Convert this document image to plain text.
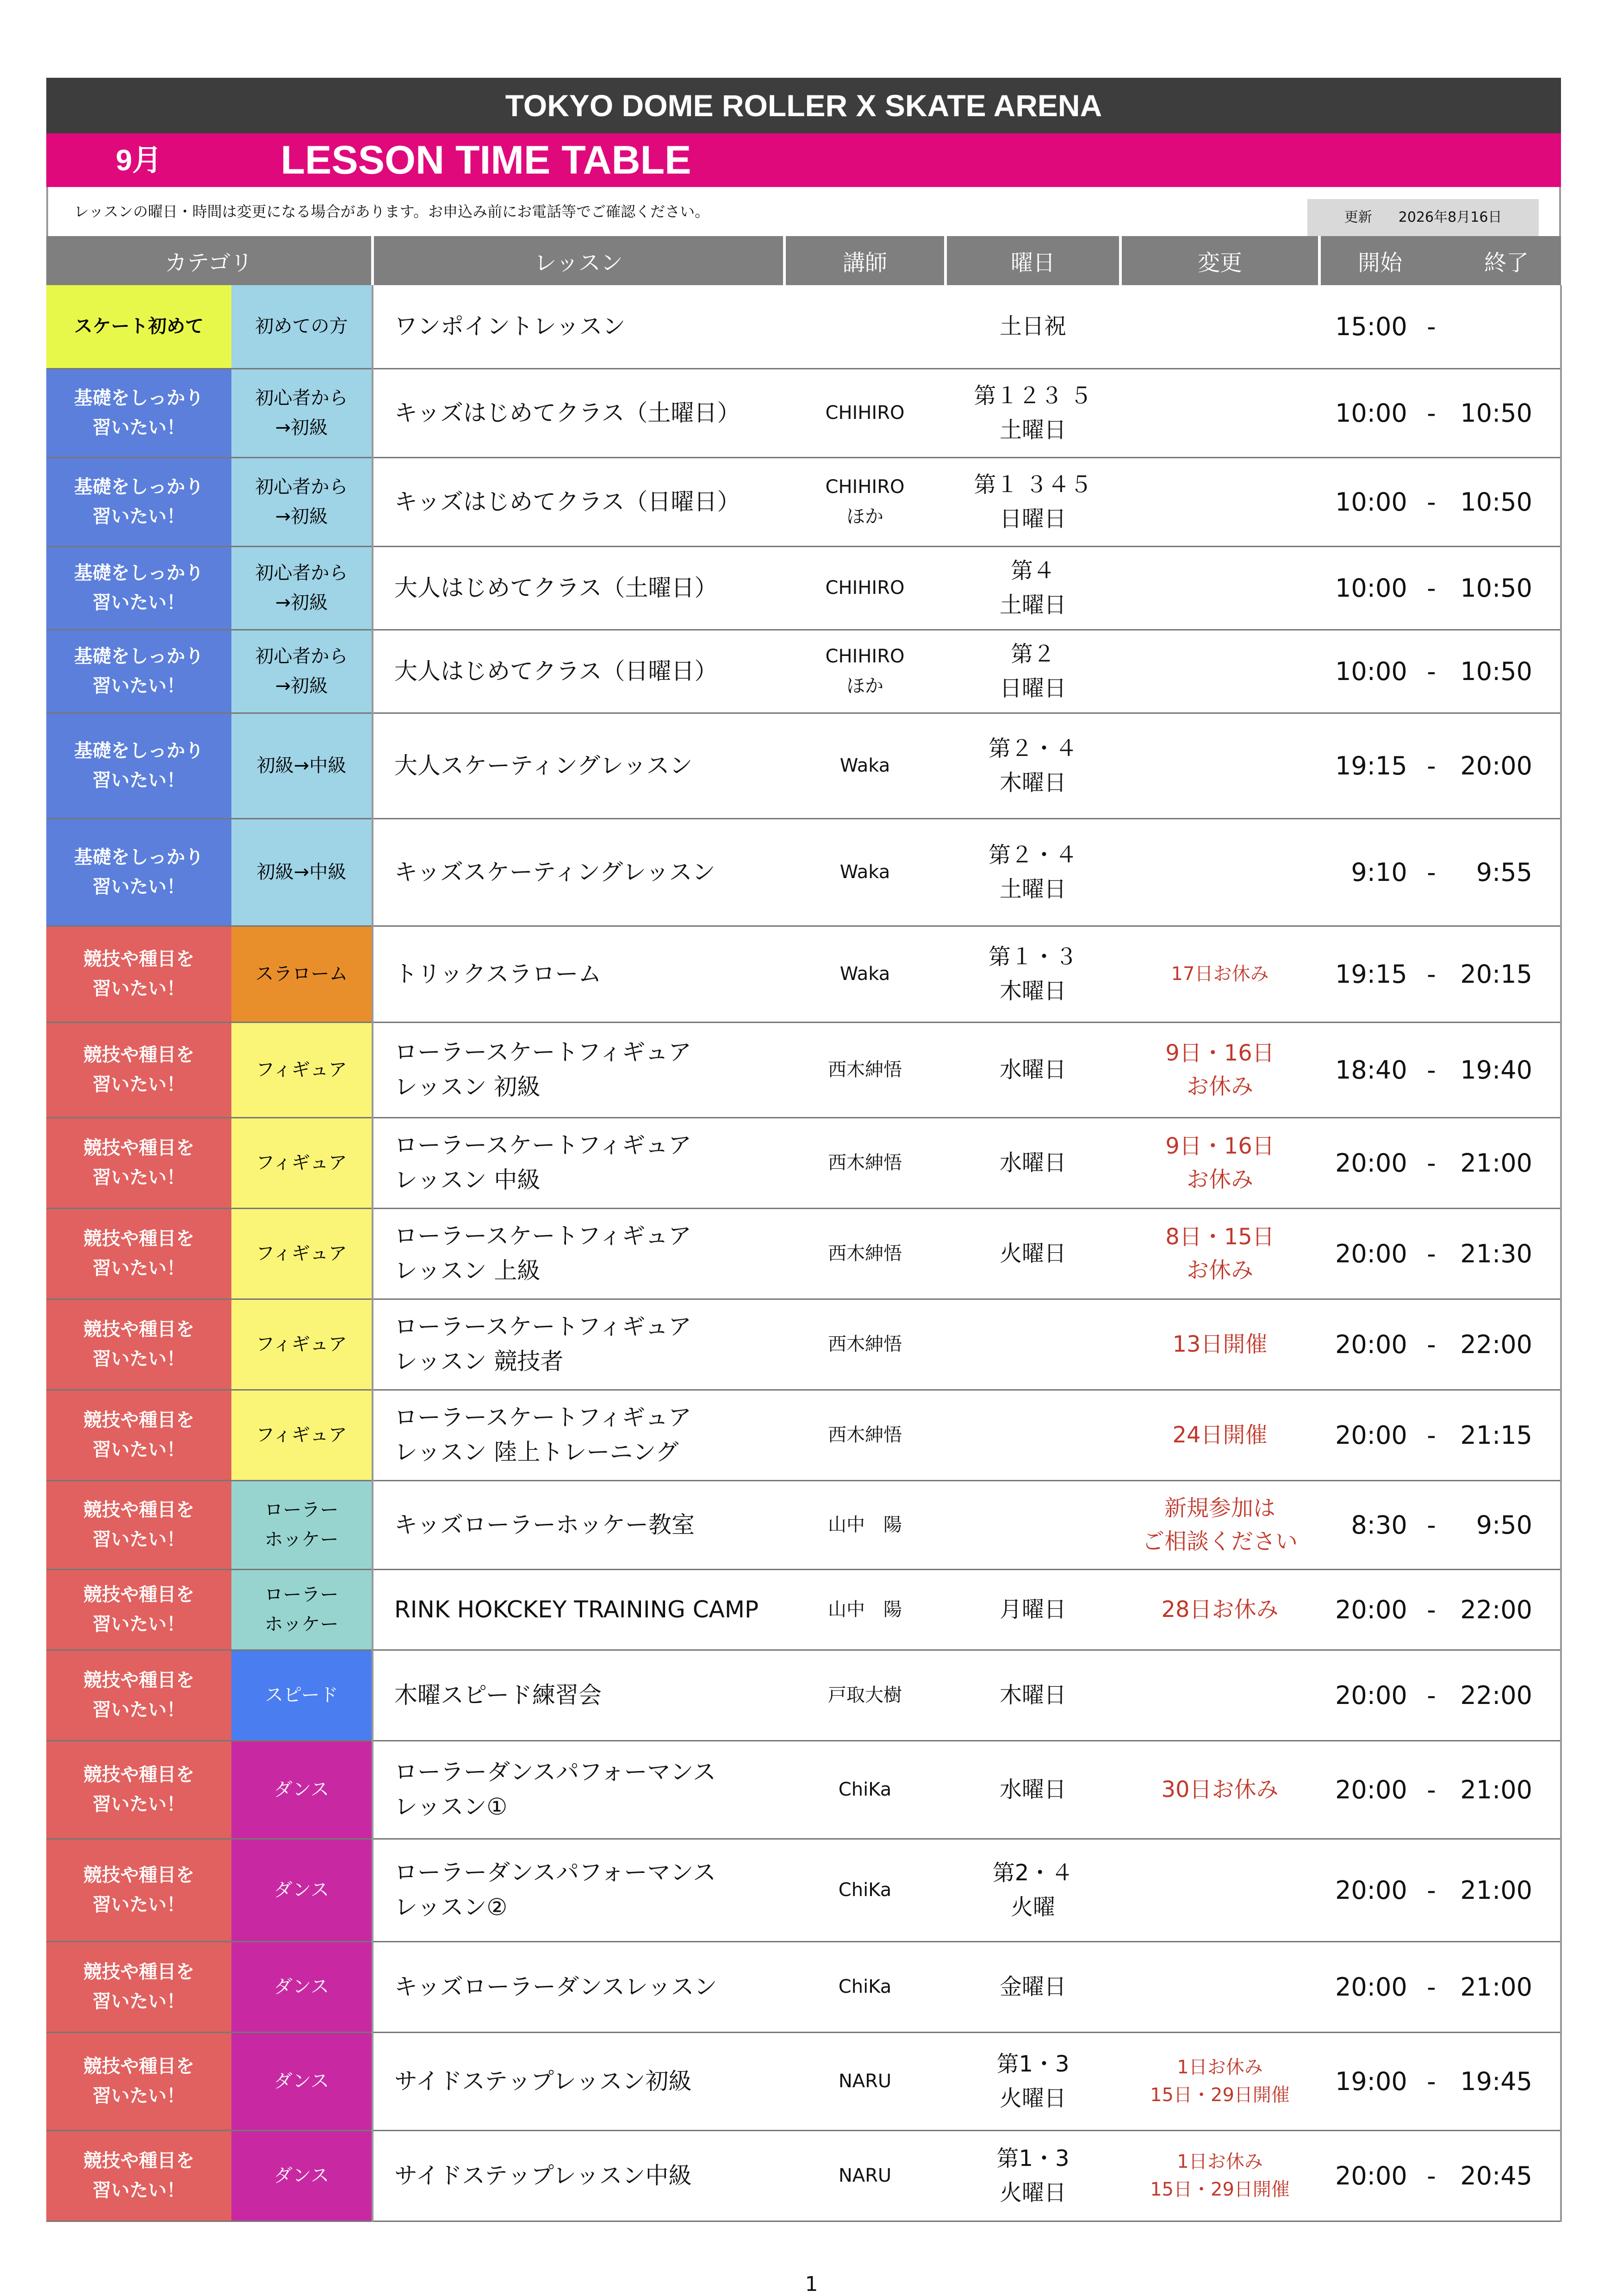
TOKYO DOME ROLLER X SKATE ARENA
9月	LESSON TIME TABLE
レッスンの曜日・時間は変更になる場合があります。お申込み前にお電話等でご確認ください。	更新 2026年8月16日
カテゴリ		レッスン	講師	曜日	変更	開始 終了

スケート初めて	初めての方	ワンポイントレッスン		土日祝		15:00 -

基礎をしっかり
習いたい！	初心者から
→初級	キッズはじめてクラス（土曜日）	CHIHIRO	第１２３ ５
土曜日		10:00 - 10:50

基礎をしっかり
習いたい！	初心者から
→初級	キッズはじめてクラス（日曜日）	CHIHIRO
ほか	第１ ３４５
日曜日		10:00 - 10:50

基礎をしっかり
習いたい！	初心者から
→初級	大人はじめてクラス（土曜日）	CHIHIRO	第４
土曜日		10:00 - 10:50

基礎をしっかり
習いたい！	初心者から
→初級	大人はじめてクラス（日曜日）	CHIHIRO
ほか	第２
日曜日		10:00 - 10:50

基礎をしっかり
習いたい！	初級→中級	大人スケーティングレッスン	Waka	第２・４
木曜日		19:15 - 20:00

基礎をしっかり
習いたい！	初級→中級	キッズスケーティングレッスン	Waka	第２・４
土曜日		9:10 - 9:55

競技や種目を
習いたい！	スラローム	トリックスラローム	Waka	第１・３
木曜日	17日お休み	19:15 - 20:15

競技や種目を
習いたい！	フィギュア	ローラースケートフィギュア
レッスン 初級	西木紳悟	水曜日	9日・16日
お休み	18:40 - 19:40

競技や種目を
習いたい！	フィギュア	ローラースケートフィギュア
レッスン 中級	西木紳悟	水曜日	9日・16日
お休み	20:00 - 21:00

競技や種目を
習いたい！	フィギュア	ローラースケートフィギュア
レッスン 上級	西木紳悟	火曜日	8日・15日
お休み	20:00 - 21:30

競技や種目を
習いたい！	フィギュア	ローラースケートフィギュア
レッスン 競技者	西木紳悟		13日開催	20:00 - 22:00

競技や種目を
習いたい！	フィギュア	ローラースケートフィギュア
レッスン 陸上トレーニング	西木紳悟		24日開催	20:00 - 21:15

競技や種目を
習いたい！	ローラー
ホッケー	キッズローラーホッケー教室	山中　陽		新規参加は
ご相談ください	8:30 - 9:50

競技や種目を
習いたい！	ローラー
ホッケー	RINK HOKCKEY TRAINING CAMP	山中　陽	月曜日	28日お休み	20:00 - 22:00

競技や種目を
習いたい！	スピード	木曜スピード練習会	戸取大樹	木曜日		20:00 - 22:00

競技や種目を
習いたい！	ダンス	ローラーダンスパフォーマンス
レッスン①	ChiKa	水曜日	30日お休み	20:00 - 21:00

競技や種目を
習いたい！	ダンス	ローラーダンスパフォーマンス
レッスン②	ChiKa	第2・４
火曜		20:00 - 21:00

競技や種目を
習いたい！	ダンス	キッズローラーダンスレッスン	ChiKa	金曜日		20:00 - 21:00

競技や種目を
習いたい！	ダンス	サイドステップレッスン初級	NARU	第1・3
火曜日	1日お休み
15日・29日開催	19:00 - 19:45

競技や種目を
習いたい！	ダンス	サイドステップレッスン中級	NARU	第1・3
火曜日	1日お休み
15日・29日開催	20:00 - 20:45
1
